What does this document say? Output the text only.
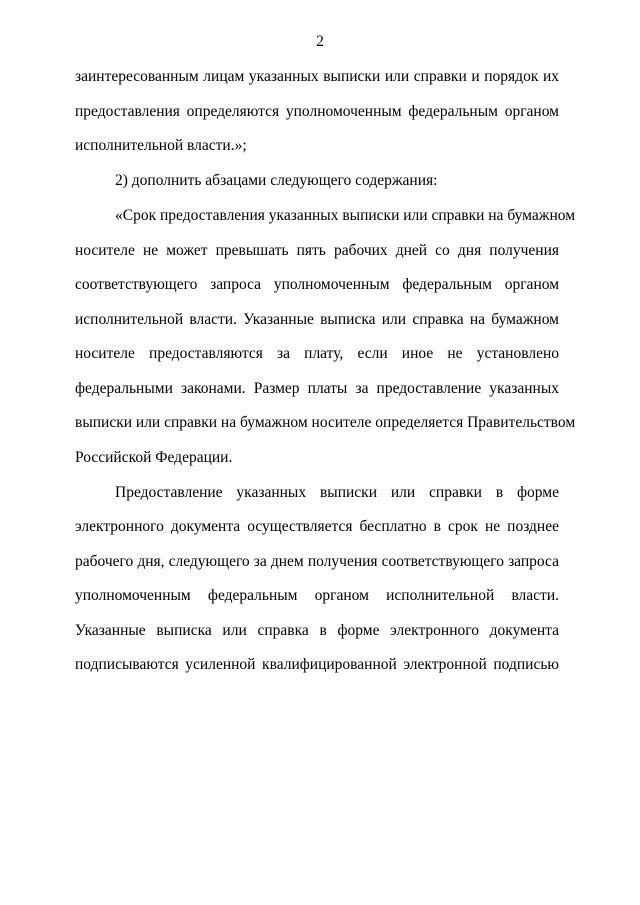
2
заинтересованным лицам указанных выписки или справки и порядок их
предоставления определяются уполномоченным федеральным органом
исполнительной власти.»;
2) дополнить абзацами следующего содержания:
«Срок предоставления указанных выписки или справки на бумажном
носителе не может превышать пять рабочих дней со дня получения
соответствующего запроса уполномоченным федеральным органом
исполнительной власти. Указанные выписка или справка на бумажном
носителе предоставляются за плату, если иное не установлено
федеральными законами. Размер платы за предоставление указанных
выписки или справки на бумажном носителе определяется Правительством
Российской Федерации.
Предоставление указанных выписки или справки в форме
электронного документа осуществляется бесплатно в срок не позднее
рабочего дня, следующего за днем получения соответствующего запроса
уполномоченным федеральным органом исполнительной власти.
Указанные выписка или справка в форме электронного документа
подписываются усиленной квалифицированной электронной подписью
